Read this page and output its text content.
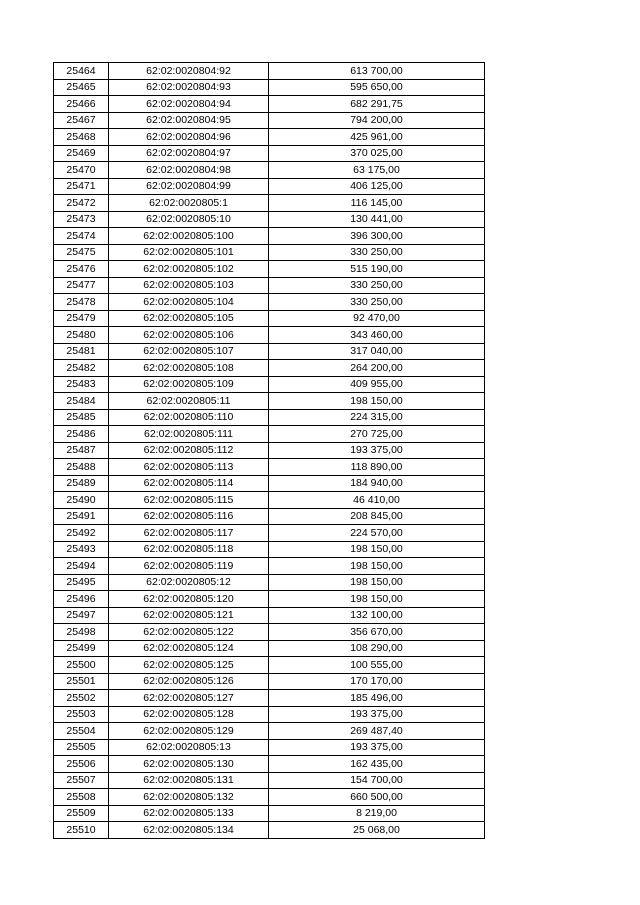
25464	62:02:0020804:92	613 700,00
25465	62:02:0020804:93	595 650,00
25466	62:02:0020804:94	682 291,75
25467	62:02:0020804:95	794 200,00
25468	62:02:0020804:96	425 961,00
25469	62:02:0020804:97	370 025,00
25470	62:02:0020804:98	63 175,00
25471	62:02:0020804:99	406 125,00
25472	62:02:0020805:1	116 145,00
25473	62:02:0020805:10	130 441,00
25474	62:02:0020805:100	396 300,00
25475	62:02:0020805:101	330 250,00
25476	62:02:0020805:102	515 190,00
25477	62:02:0020805:103	330 250,00
25478	62:02:0020805:104	330 250,00
25479	62:02:0020805:105	92 470,00
25480	62:02:0020805:106	343 460,00
25481	62:02:0020805:107	317 040,00
25482	62:02:0020805:108	264 200,00
25483	62:02:0020805:109	409 955,00
25484	62:02:0020805:11	198 150,00
25485	62:02:0020805:110	224 315,00
25486	62:02:0020805:111	270 725,00
25487	62:02:0020805:112	193 375,00
25488	62:02:0020805:113	118 890,00
25489	62:02:0020805:114	184 940,00
25490	62:02:0020805:115	46 410,00
25491	62:02:0020805:116	208 845,00
25492	62:02:0020805:117	224 570,00
25493	62:02:0020805:118	198 150,00
25494	62:02:0020805:119	198 150,00
25495	62:02:0020805:12	198 150,00
25496	62:02:0020805:120	198 150,00
25497	62:02:0020805:121	132 100,00
25498	62:02:0020805:122	356 670,00
25499	62:02:0020805:124	108 290,00
25500	62:02:0020805:125	100 555,00
25501	62:02:0020805:126	170 170,00
25502	62:02:0020805:127	185 496,00
25503	62:02:0020805:128	193 375,00
25504	62:02:0020805:129	269 487,40
25505	62:02:0020805:13	193 375,00
25506	62:02:0020805:130	162 435,00
25507	62:02:0020805:131	154 700,00
25508	62:02:0020805:132	660 500,00
25509	62:02:0020805:133	8 219,00
25510	62:02:0020805:134	25 068,00
